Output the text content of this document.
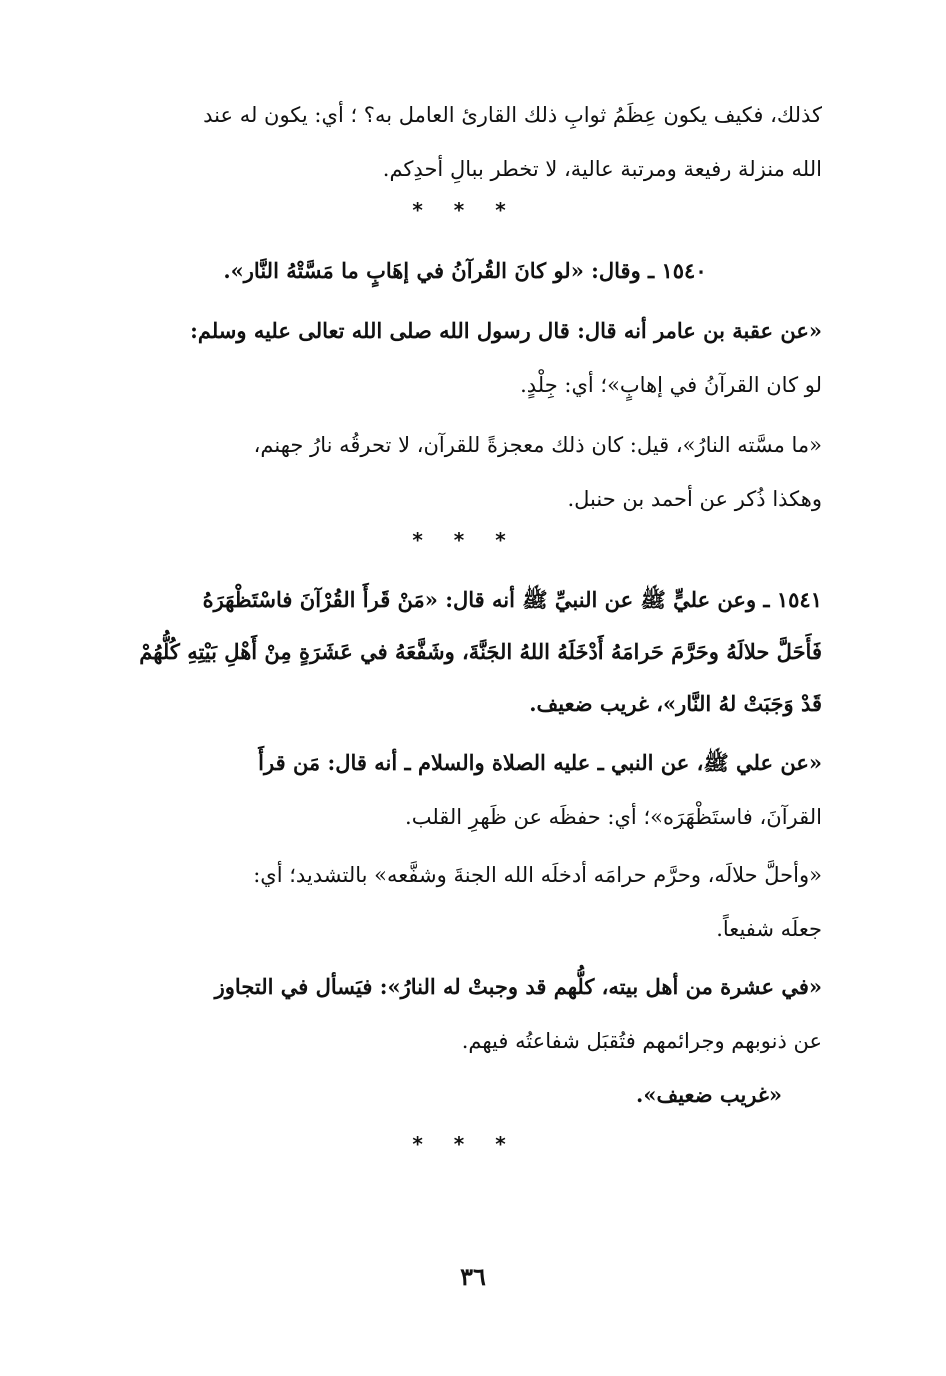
كذلك، فكيف يكون عِظَمُ ثوابِ ذلك القارئ العامل به؟ ؛ أي: يكون له عند
الله منزلة رفيعة ومرتبة عالية، لا تخطر ببالِ أحدِكم.

* * *

١٥٤٠ ـ وقال: «لو كانَ القُرآنُ في إهَابٍ ما مَسَّتْهُ النَّار».

«عن عقبة بن عامر أنه قال: قال رسول الله صلى الله تعالى عليه وسلم:
لو كان القرآنُ في إهابٍ»؛ أي: جِلْدٍ.

«ما مسَّته النارُ»، قيل: كان ذلك معجزةً للقرآن، لا تحرقُه نارُ جهنم،
وهكذا ذُكر عن أحمد بن حنبل.

* * *

١٥٤١ ـ وعن عليٍّ ﷺ عن النبيِّ ﷺ أنه قال: «مَنْ قَرأَ القُرْآنَ فاسْتَظْهَرَهُ
فَأَحَلَّ حلالَهُ وحَرَّمَ حَرامَهُ أَدْخَلَهُ اللهُ الجَنَّةَ، وشَفَّعَهُ في عَشَرَةٍ مِنْ أَهْلِ بَيْتِهِ كُلُّهُمْ
قَدْ وَجَبَتْ لهُ النَّار»، غريب ضعيف.

«عن علي ﷺ، عن النبي ـ عليه الصلاة والسلام ـ أنه قال: مَن قرأَ
القرآنَ، فاستَظْهَرَه»؛ أي: حفظَه عن ظَهرِ القلب.

«وأحلَّ حلالَه، وحرَّم حرامَه أدخلَه الله الجنةَ وشفَّعه» بالتشديد؛ أي:
جعلَه شفيعاً.

«في عشرة من أهل بيته، كلُّهم قد وجبتْ له النارُ»: فيَسأل في التجاوز
عن ذنوبهم وجرائمهم فتُقبَل شفاعتُه فيهم.

«غريب ضعيف».

* * *
٣٦
